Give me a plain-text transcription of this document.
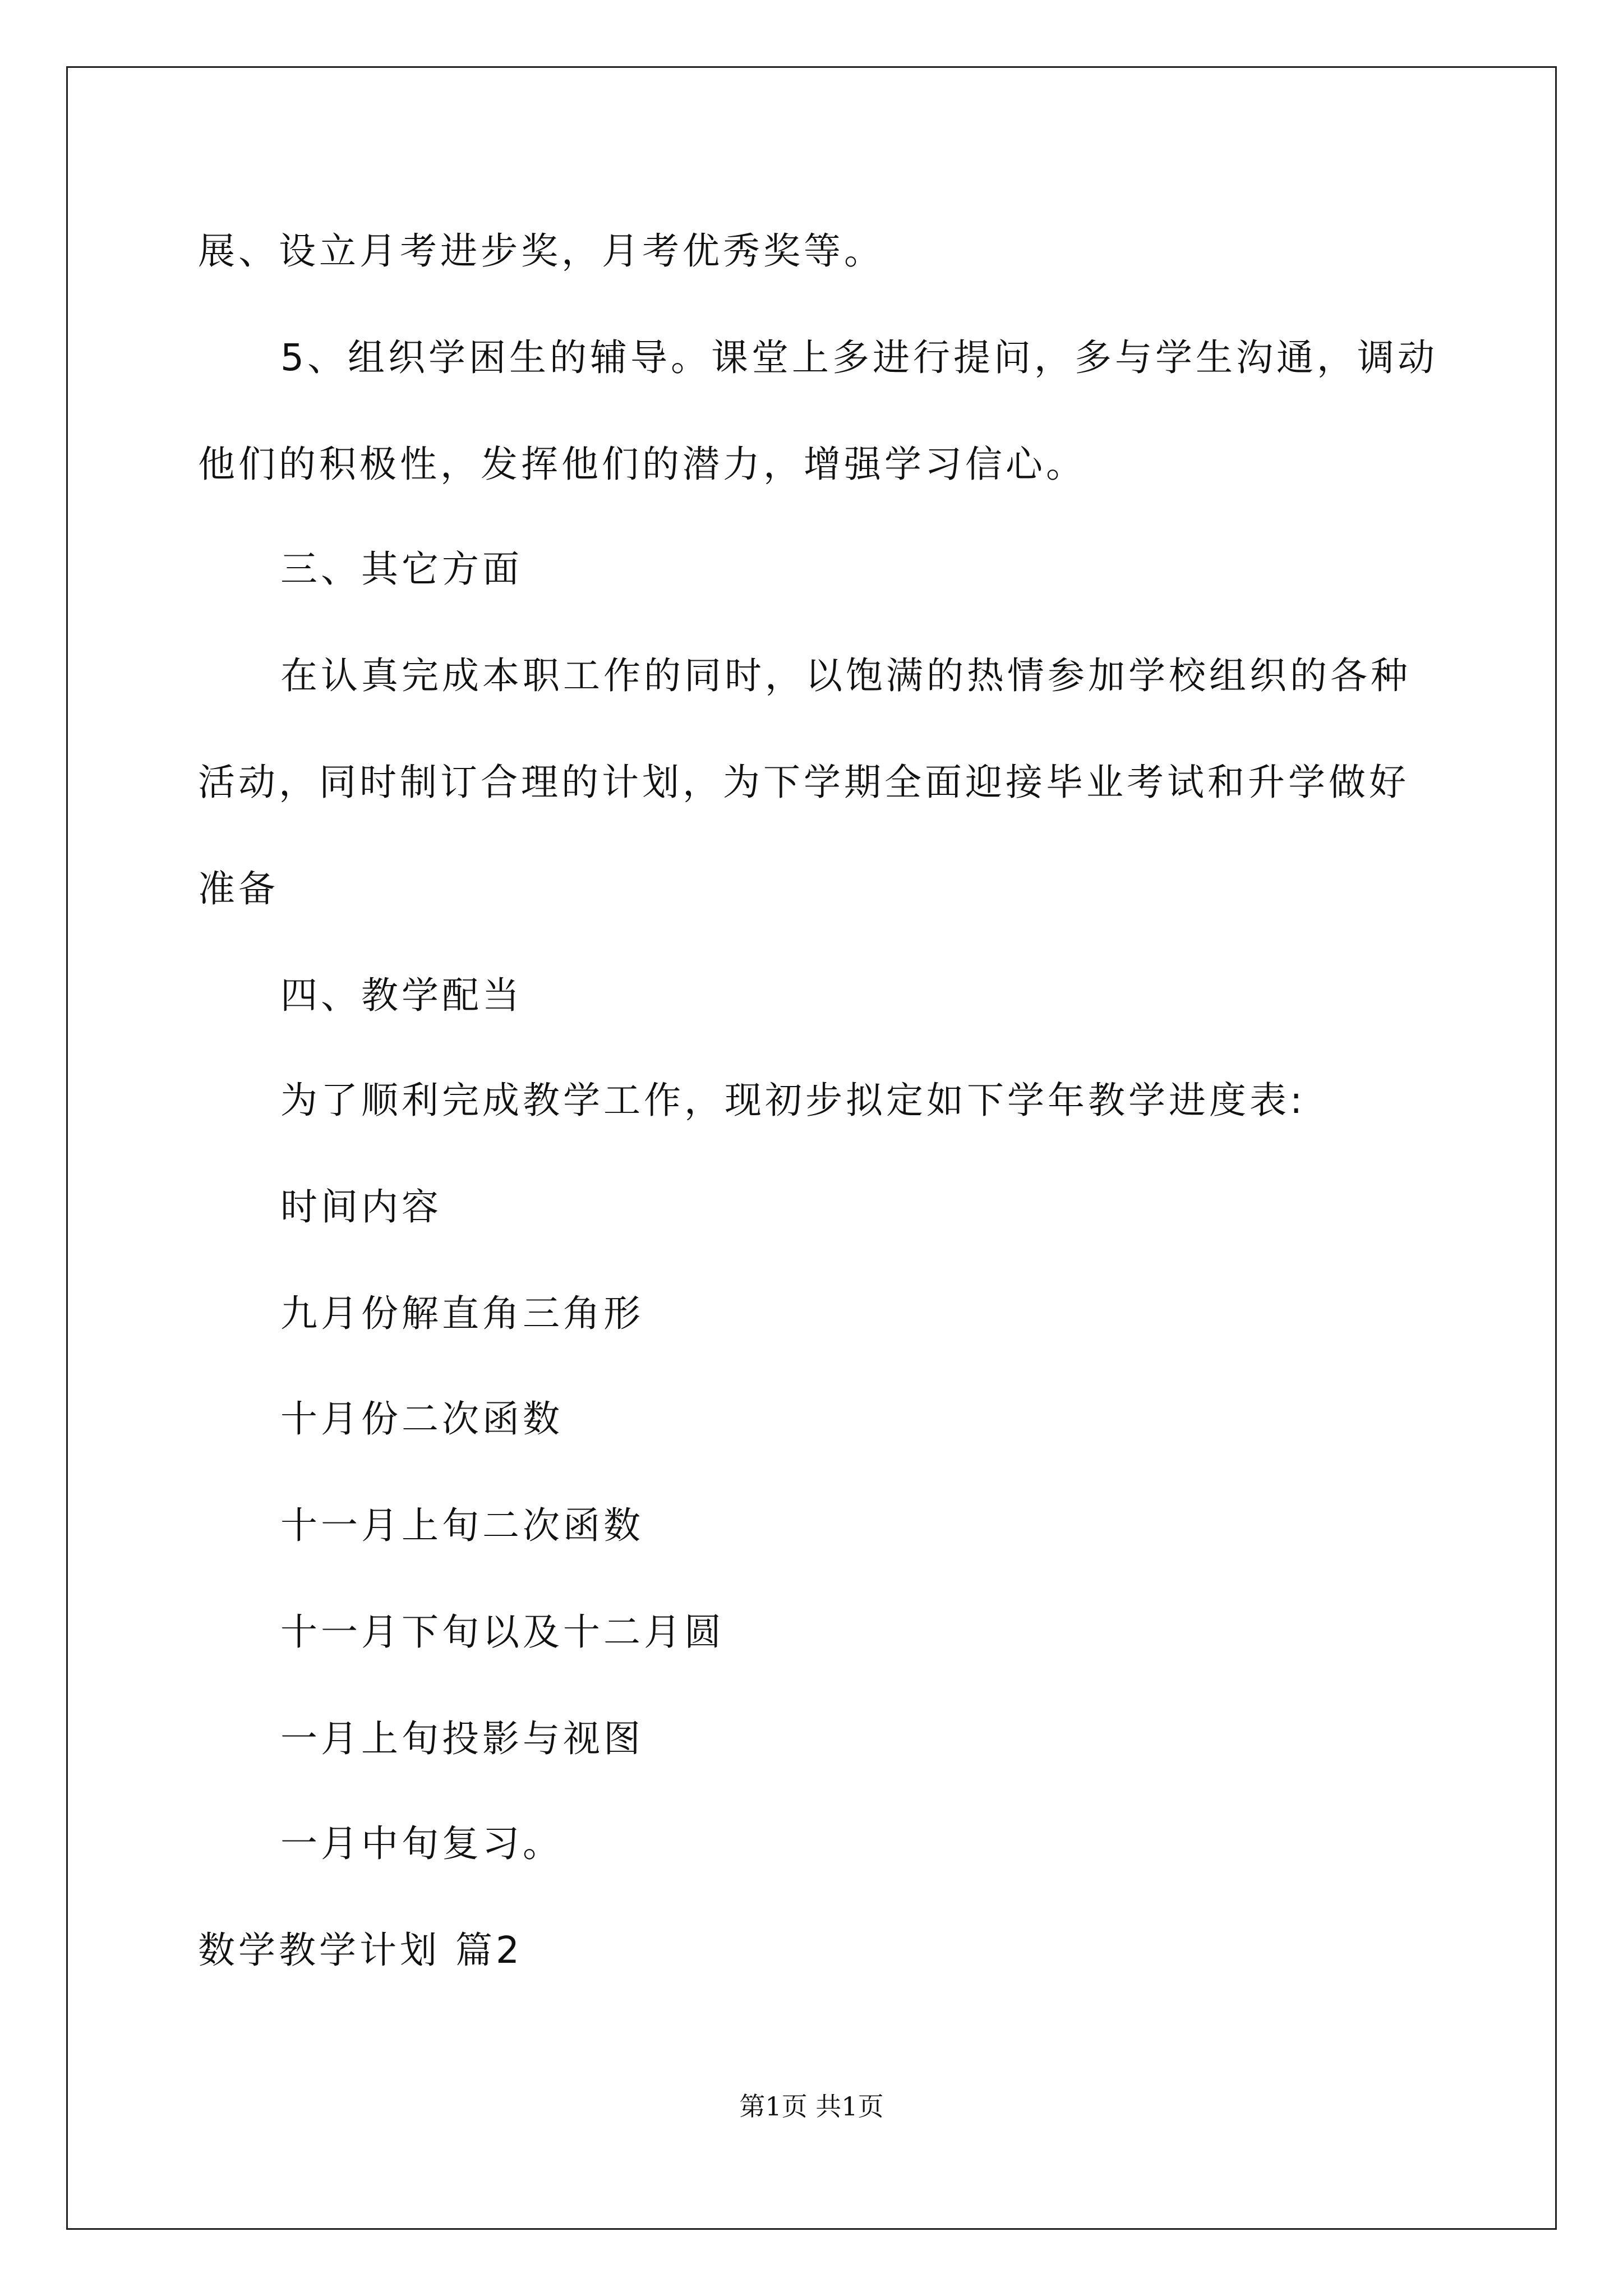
展、设立月考进步奖，月考优秀奖等。
5、组织学困生的辅导。课堂上多进行提问，多与学生沟通，调动
他们的积极性，发挥他们的潜力，增强学习信心。
三、其它方面
在认真完成本职工作的同时，以饱满的热情参加学校组织的各种
活动，同时制订合理的计划，为下学期全面迎接毕业考试和升学做好
准备
四、教学配当
为了顺利完成教学工作，现初步拟定如下学年教学进度表:
时间内容
九月份解直角三角形
十月份二次函数
十一月上旬二次函数
十一月下旬以及十二月圆
一月上旬投影与视图
一月中旬复习。
数学教学计划 篇2
第1页 共1页
